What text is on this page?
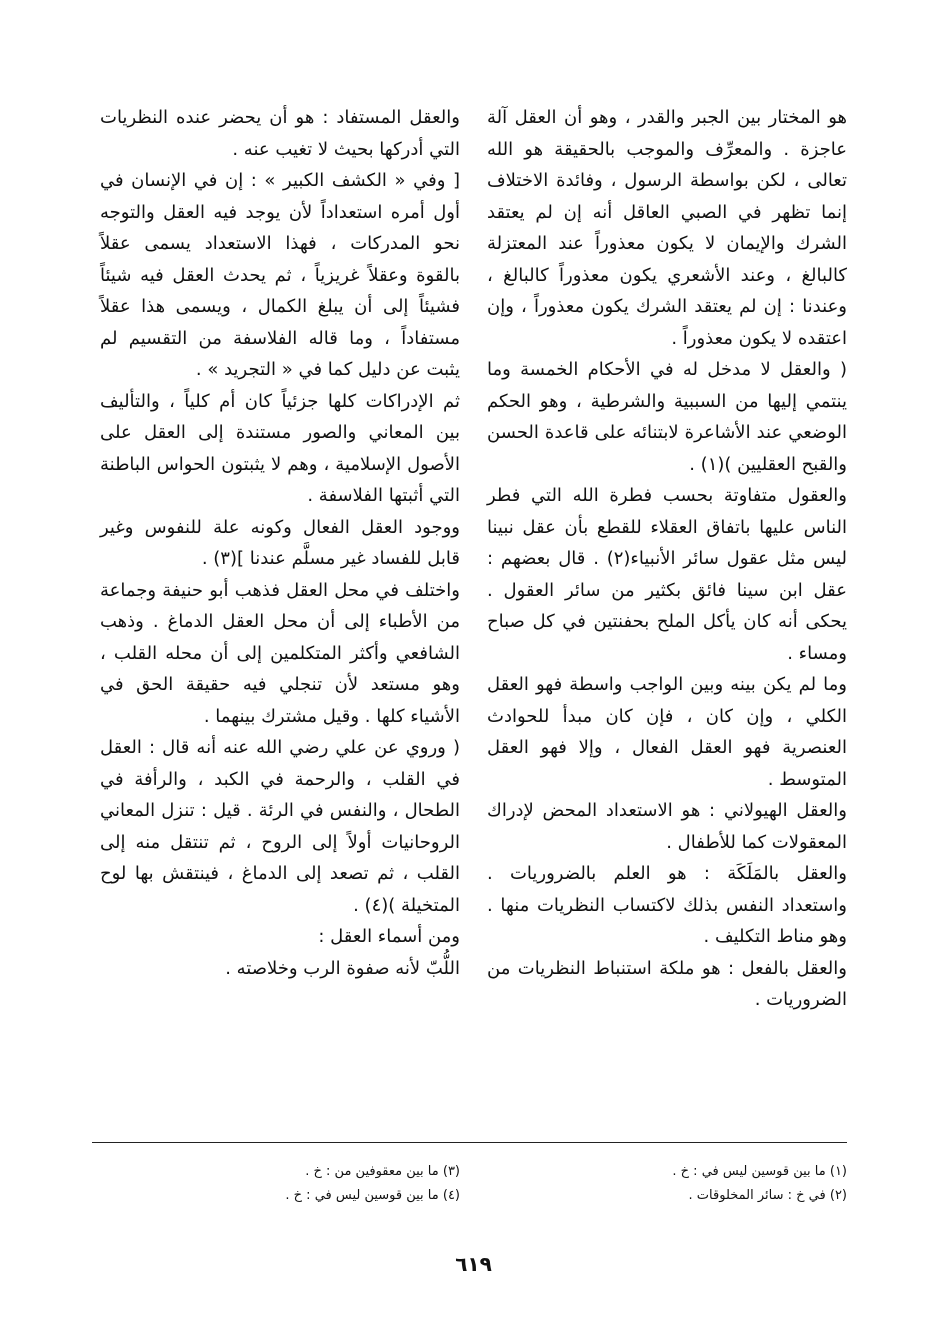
هو المختار بين الجبر والقدر ، وهو أن العقل آلة عاجزة . والمعرِّف والموجب بالحقيقة هو الله تعالى ، لكن بواسطة الرسول ، وفائدة الاختلاف إنما تظهر في الصبي العاقل أنه إن لم يعتقد الشرك والإيمان لا يكون معذوراً عند المعتزلة كالبالغ ، وعند الأشعري يكون معذوراً كالبالغ ، وعندنا : إن لم يعتقد الشرك يكون معذوراً ، وإن اعتقده لا يكون معذوراً .

( والعقل لا مدخل له في الأحكام الخمسة وما ينتمي إليها من السببية والشرطية ، وهو الحكم الوضعي عند الأشاعرة لابتنائه على قاعدة الحسن والقبح العقليين )(١) .

والعقول متفاوتة بحسب فطرة الله التي فطر الناس عليها باتفاق العقلاء للقطع بأن عقل نبينا ليس مثل عقول سائر الأنبياء(٢) . قال بعضهم : عقل ابن سينا فائق بكثير من سائر العقول . يحكى أنه كان يأكل الملح بحفنتين في كل صباح ومساء .

وما لم يكن بينه وبين الواجب واسطة فهو العقل الكلي ، وإن كان ، فإن كان مبدأ للحوادث العنصرية فهو العقل الفعال ، وإلا فهو العقل المتوسط .

والعقل الهيولاني : هو الاستعداد المحض لإدراك المعقولات كما للأطفال .

والعقل بالمَلَكَة : هو العلم بالضروريات . واستعداد النفس بذلك لاكتساب النظريات منها . وهو مناط التكليف .

والعقل بالفعل : هو ملكة استنباط النظريات من الضروريات .

والعقل المستفاد : هو أن يحضر عنده النظريات التي أدركها بحيث لا تغيب عنه .

[ وفي « الكشف الكبير » : إن في الإنسان في أول أمره استعداداً لأن يوجد فيه العقل والتوجه نحو المدركات ، فهذا الاستعداد يسمى عقلاً بالقوة وعقلاً غريزياً ، ثم يحدث العقل فيه شيئاً فشيئاً إلى أن يبلغ الكمال ، ويسمى هذا عقلاً مستفاداً ، وما قاله الفلاسفة من التقسيم لم يثبت عن دليل كما في « التجريد » .

ثم الإدراكات كلها جزئياً كان أم كلياً ، والتأليف بين المعاني والصور مستندة إلى العقل على الأصول الإسلامية ، وهم لا يثبتون الحواس الباطنة التي أثبتها الفلاسفة .

ووجود العقل الفعال وكونه علة للنفوس وغير قابل للفساد غير مسلَّم عندنا ](٣) .

واختلف في محل العقل فذهب أبو حنيفة وجماعة من الأطباء إلى أن محل العقل الدماغ . وذهب الشافعي وأكثر المتكلمين إلى أن محله القلب ، وهو مستعد لأن تنجلي فيه حقيقة الحق في الأشياء كلها . وقيل مشترك بينهما .

( وروي عن علي رضي الله عنه أنه قال : العقل في القلب ، والرحمة في الكبد ، والرأفة في الطحال ، والنفس في الرئة . قيل : تنزل المعاني الروحانيات أولاً إلى الروح ، ثم تنتقل منه إلى القلب ، ثم تصعد إلى الدماغ ، فينتقش بها لوح المتخيلة )(٤) .

ومن أسماء العقل :

اللُّبّ لأنه صفوة الرب وخلاصته .

(١) ما بين قوسين ليس في : خ .

(٢) في خ : سائر المخلوقات .

(٣) ما بين معقوفين من : خ .

(٤) ما بين قوسين ليس في : خ .

٦١٩
